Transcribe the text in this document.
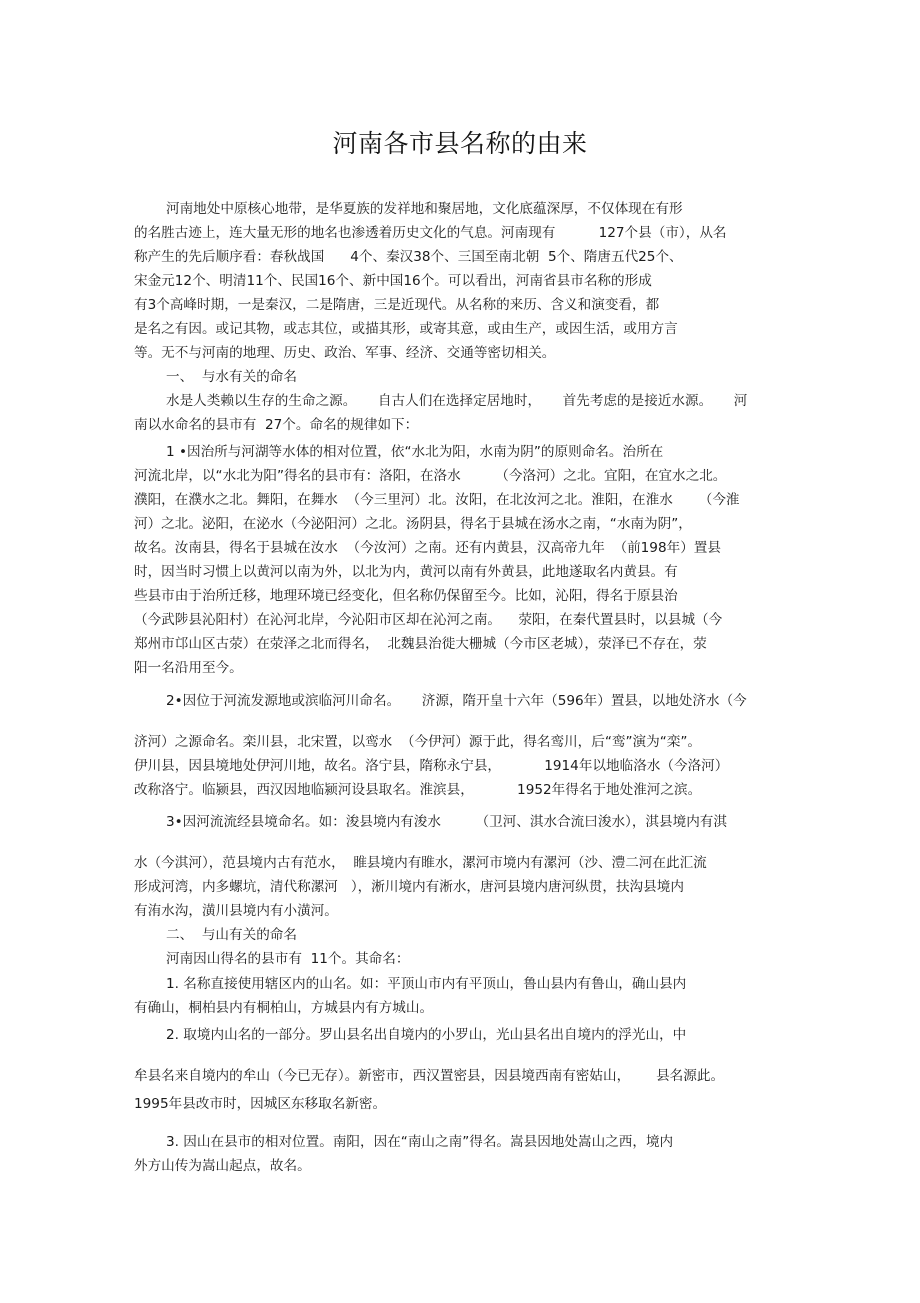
河南各市县名称的由来
河南地处中原核心地带，是华夏族的发祥地和聚居地，文化底蕴深厚，不仅体现在有形
的名胜古迹上，连大量无形的地名也渗透着历史文化的气息。河南现有          127个县（市），从名
称产生的先后顺序看：春秋战国      4个、秦汉38个、三国至南北朝  5个、隋唐五代25个、
宋金元12个、明清11个、民国16个、新中国16个。可以看出，河南省县市名称的形成
有3个高峰时期，一是秦汉，二是隋唐，三是近现代。从名称的来历、含义和演变看，都
是名之有因。或记其物，或志其位，或描其形，或寄其意，或由生产，或因生活，或用方言
等。无不与河南的地理、历史、政治、军事、经济、交通等密切相关。
一、  与水有关的命名
水是人类赖以生存的生命之源。     自古人们在选择定居地时，     首先考虑的是接近水源。     河
南以水命名的县市有  27个。命名的规律如下：
1 •因治所与河湖等水体的相对位置，依“水北为阳，水南为阴”的原则命名。治所在
河流北岸，以“水北为阳”得名的县市有：洛阳，在洛水        （今洛河）之北。宜阳，在宜水之北。
濮阳，在濮水之北。舞阳，在舞水  （今三里河）北。汝阳，在北汝河之北。淮阳，在淮水      （今淮
河）之北。泌阳，在泌水（今泌阳河）之北。汤阴县，得名于县城在汤水之南，“水南为阴”，
故名。汝南县，得名于县城在汝水  （今汝河）之南。还有内黄县，汉高帝九年  （前198年）置县
时，因当时习惯上以黄河以南为外，以北为内，黄河以南有外黄县，此地遂取名内黄县。有
些县市由于治所迁移，地理环境已经变化，但名称仍保留至今。比如，沁阳，得名于原县治
（今武陟县沁阳村）在沁河北岸，今沁阳市区却在沁河之南。    荥阳，在秦代置县时，以县城（今
郑州市邙山区古荥）在荥泽之北而得名，  北魏县治徙大栅城（今市区老城），荥泽已不存在，荥
阳一名沿用至今。
2•因位于河流发源地或滨临河川命名。     济源，隋开皇十六年（596年）置县，以地处济水（今
济河）之源命名。栾川县，北宋置，以鸾水  （今伊河）源于此，得名鸾川，后“鸾”演为“栾”。
伊川县，因县境地处伊河川地，故名。洛宁县，隋称永宁县，          1914年以地临洛水（今洛河）
改称洛宁。临颍县，西汉因地临颍河设县取名。淮滨县，          1952年得名于地处淮河之滨。
3•因河流流经县境命名。如：浚县境内有浚水        （卫河、淇水合流曰浚水），淇县境内有淇
水（今淇河），范县境内古有范水，  睢县境内有睢水，漯河市境内有漯河（沙、澧二河在此汇流
形成河湾，内多螺坑，清代称漯河   ），淅川境内有淅水，唐河县境内唐河纵贯，扶沟县境内
有洧水沟，潢川县境内有小潢河。
二、  与山有关的命名
河南因山得名的县市有  11个。其命名：
1. 名称直接使用辖区内的山名。如：平顶山市内有平顶山，鲁山县内有鲁山，确山县内
有确山，桐柏县内有桐柏山，方城县内有方城山。
2. 取境内山名的一部分。罗山县名出自境内的小罗山，光山县名出自境内的浮光山，中
牟县名来自境内的牟山（今已无存）。新密市，西汉置密县，因县境西南有密姑山，      县名源此。
1995年县改市时，因城区东移取名新密。
3. 因山在县市的相对位置。南阳，因在“南山之南”得名。嵩县因地处嵩山之西，境内
外方山传为嵩山起点，故名。
